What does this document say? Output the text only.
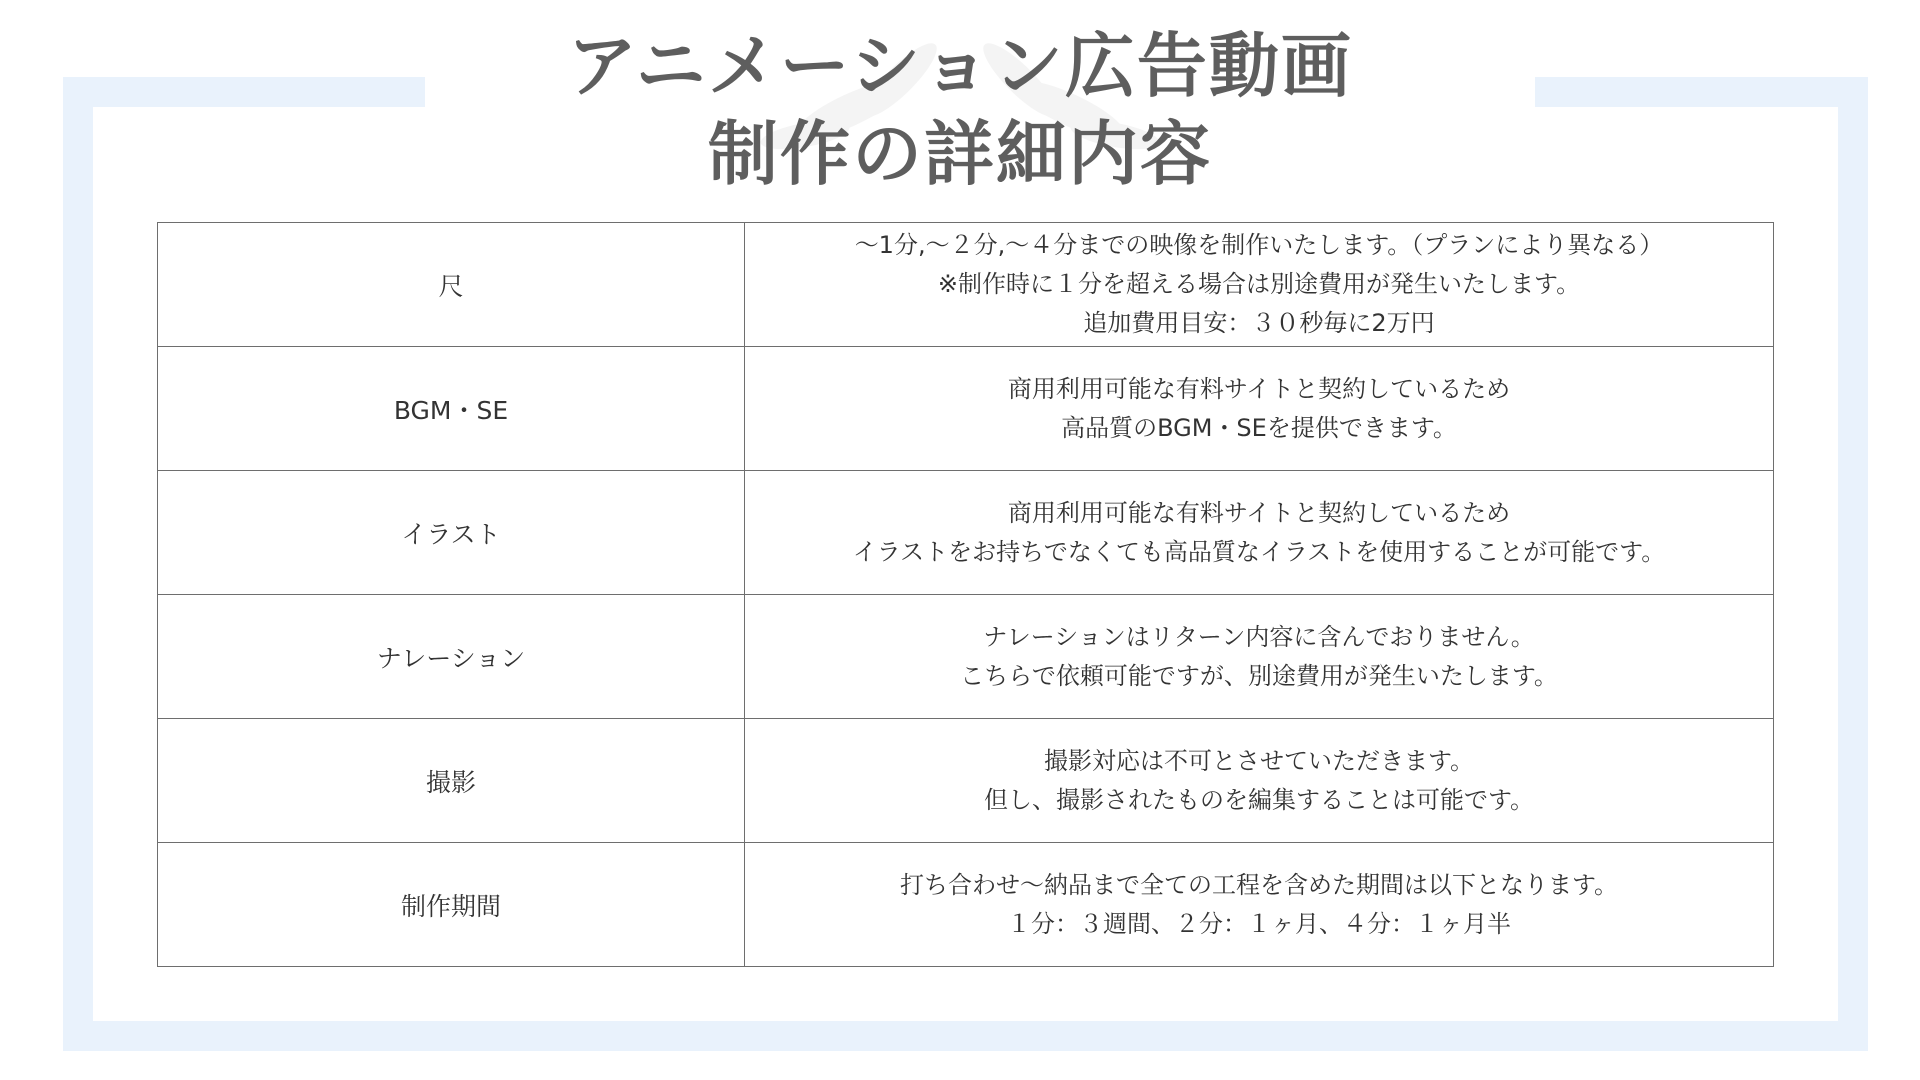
アニメーション広告動画
制作の詳細内容
尺	〜1分,〜２分,〜４分までの映像を制作いたします。（プランにより異なる）
※制作時に１分を超える場合は別途費用が発生いたします。
追加費用目安：３０秒毎に2万円

BGM・SE	商用利用可能な有料サイトと契約しているため
高品質のBGM・SEを提供できます。

イラスト	商用利用可能な有料サイトと契約しているため
イラストをお持ちでなくても高品質なイラストを使用することが可能です。

ナレーション	ナレーションはリターン内容に含んでおりません。
こちらで依頼可能ですが、別途費用が発生いたします。

撮影	撮影対応は不可とさせていただきます。
但し、撮影されたものを編集することは可能です。

制作期間	打ち合わせ〜納品まで全ての工程を含めた期間は以下となります。
１分：３週間、２分：１ヶ月、４分：１ヶ月半
